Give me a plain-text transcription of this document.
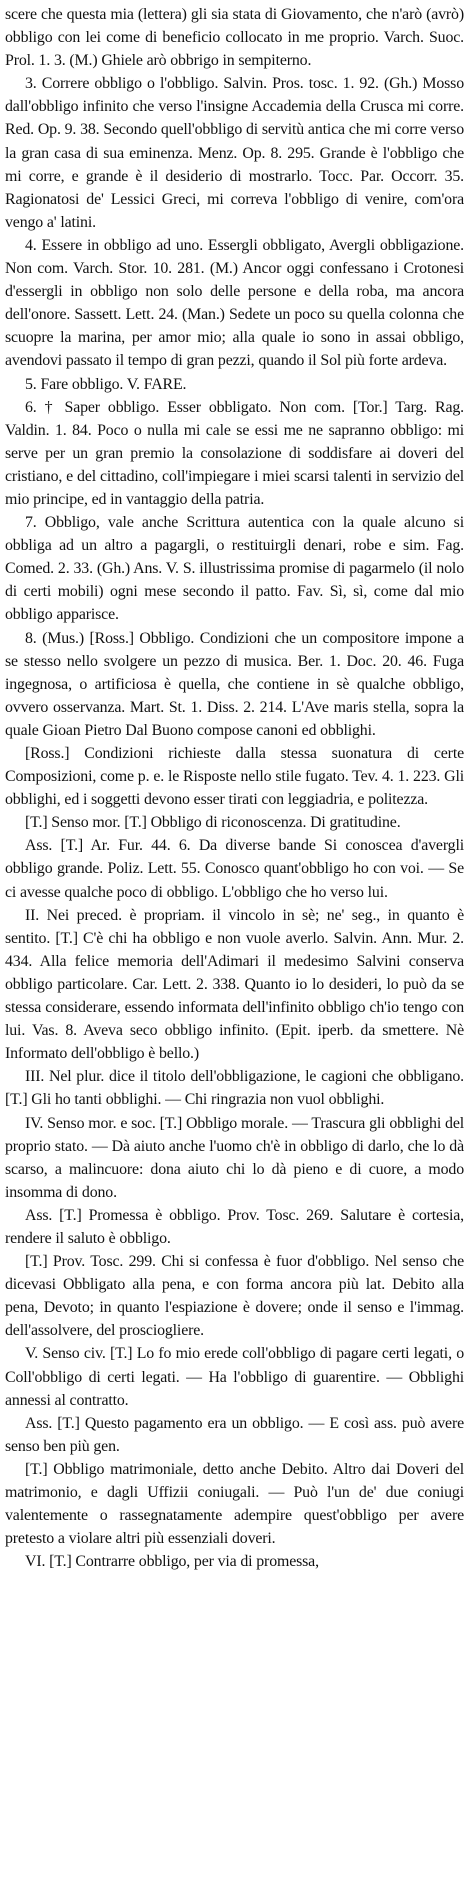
scere che questa mia (lettera) gli sia stata di Giovamento, che n'arò (avrò) obbligo con lei come di beneficio collocato in me proprio. Varch. Suoc. Prol. 1. 3. (M.) Ghiele arò obbrigo in sempiterno.

3. Correre obbligo o l'obbligo. Salvin. Pros. tosc. 1. 92. (Gh.) Mosso dall'obbligo infinito che verso l'insigne Accademia della Crusca mi corre. Red. Op. 9. 38. Secondo quell'obbligo di servitù antica che mi corre verso la gran casa di sua eminenza. Menz. Op. 8. 295. Grande è l'obbligo che mi corre, e grande è il desiderio di mostrarlo. Tocc. Par. Occorr. 35. Ragionatosi de' Lessici Greci, mi correva l'obbligo di venire, com'ora vengo a' latini.

4. Essere in obbligo ad uno. Essergli obbligato, Avergli obbligazione. Non com. Varch. Stor. 10. 281. (M.) Ancor oggi confessano i Crotonesi d'essergli in obbligo non solo delle persone e della roba, ma ancora dell'onore. Sassett. Lett. 24. (Man.) Sedete un poco su quella colonna che scuopre la marina, per amor mio; alla quale io sono in assai obbligo, avendovi passato il tempo di gran pezzi, quando il Sol più forte ardeva.

5. Fare obbligo. V. FARE.

6. † Saper obbligo. Esser obbligato. Non com. [Tor.] Targ. Rag. Valdin. 1. 84. Poco o nulla mi cale se essi me ne sapranno obbligo: mi serve per un gran premio la consolazione di soddisfare ai doveri del cristiano, e del cittadino, coll'impiegare i miei scarsi talenti in servizio del mio principe, ed in vantaggio della patria.

7. Obbligo, vale anche Scrittura autentica con la quale alcuno si obbliga ad un altro a pagargli, o restituirgli denari, robe e sim. Fag. Comed. 2. 33. (Gh.) Ans. V. S. illustrissima promise di pagarmelo (il nolo di certi mobili) ogni mese secondo il patto. Fav. Sì, sì, come dal mio obbligo apparisce.

8. (Mus.) [Ross.] Obbligo. Condizioni che un compositore impone a se stesso nello svolgere un pezzo di musica. Ber. 1. Doc. 20. 46. Fuga ingegnosa, o artificiosa è quella, che contiene in sè qualche obbligo, ovvero osservanza. Mart. St. 1. Diss. 2. 214. L'Ave maris stella, sopra la quale Gioan Pietro Dal Buono compose canoni ed obblighi.

[Ross.] Condizioni richieste dalla stessa suonatura di certe Composizioni, come p. e. le Risposte nello stile fugato. Tev. 4. 1. 223. Gli obblighi, ed i soggetti devono esser tirati con leggiadria, e politezza.

[T.] Senso mor. [T.] Obbligo di riconoscenza. Di gratitudine.

Ass. [T.] Ar. Fur. 44. 6. Da diverse bande Si conoscea d'avergli obbligo grande. Poliz. Lett. 55. Conosco quant'obbligo ho con voi. — Se ci avesse qualche poco di obbligo. L'obbligo che ho verso lui.

II. Nei preced. è propriam. il vincolo in sè; ne' seg., in quanto è sentito. [T.] C'è chi ha obbligo e non vuole averlo. Salvin. Ann. Mur. 2. 434. Alla felice memoria dell'Adimari il medesimo Salvini conserva obbligo particolare. Car. Lett. 2. 338. Quanto io lo desideri, lo può da se stessa considerare, essendo informata dell'infinito obbligo ch'io tengo con lui. Vas. 8. Aveva seco obbligo infinito. (Epit. iperb. da smettere. Nè Informato dell'obbligo è bello.)

III. Nel plur. dice il titolo dell'obbligazione, le cagioni che obbligano. [T.] Gli ho tanti obblighi. — Chi ringrazia non vuol obblighi.

IV. Senso mor. e soc. [T.] Obbligo morale. — Trascura gli obblighi del proprio stato. — Dà aiuto anche l'uomo ch'è in obbligo di darlo, che lo dà scarso, a malincuore: dona aiuto chi lo dà pieno e di cuore, a modo insomma di dono.

Ass. [T.] Promessa è obbligo. Prov. Tosc. 269. Salutare è cortesia, rendere il saluto è obbligo.

[T.] Prov. Tosc. 299. Chi si confessa è fuor d'obbligo. Nel senso che dicevasi Obbligato alla pena, e con forma ancora più lat. Debito alla pena, Devoto; in quanto l'espiazione è dovere; onde il senso e l'immag. dell'assolvere, del prosciogliere.

V. Senso civ. [T.] Lo fo mio erede coll'obbligo di pagare certi legati, o Coll'obbligo di certi legati. — Ha l'obbligo di guarentire. — Obblighi annessi al contratto.

Ass. [T.] Questo pagamento era un obbligo. — E così ass. può avere senso ben più gen.

[T.] Obbligo matrimoniale, detto anche Debito. Altro dai Doveri del matrimonio, e dagli Uffizii coniugali. — Può l'un de' due coniugi valentemente o rassegnatamente adempire quest'obbligo per avere pretesto a violare altri più essenziali doveri.

VI. [T.] Contrarre obbligo, per via di promessa,
